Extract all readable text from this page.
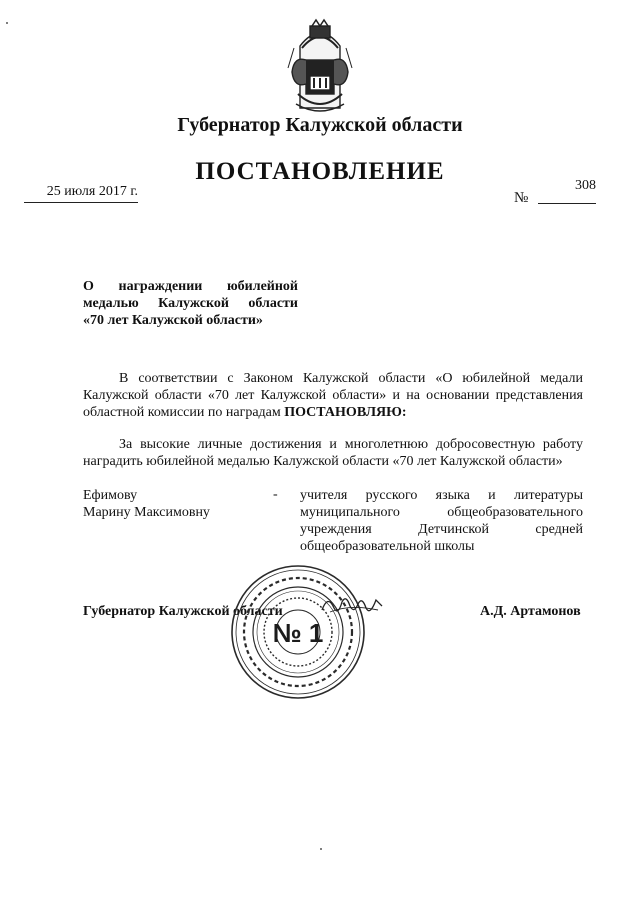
Губернатор Калужской области
ПОСТАНОВЛЕНИЕ
25 июля 2017 г.	№
308
О награждении юбилейной
медалью Калужской области
«70 лет Калужской области»
В соответствии с Законом Калужской области «О юбилейной медали
Калужской области «70 лет Калужской области» и на основании представления
областной комиссии по наградам ПОСТАНОВЛЯЮ:
За высокие личные достижения и многолетнюю добросовестную работу
наградить юбилейной медалью Калужской области «70 лет Калужской области»
Ефимову
Марину Максимовну
- учителя русского языка и литературы
муниципального общеобразовательного
учреждения Детчинской средней
общеобразовательной школы
Губернатор Калужской области	А.Д. Артамонов
№ 1
